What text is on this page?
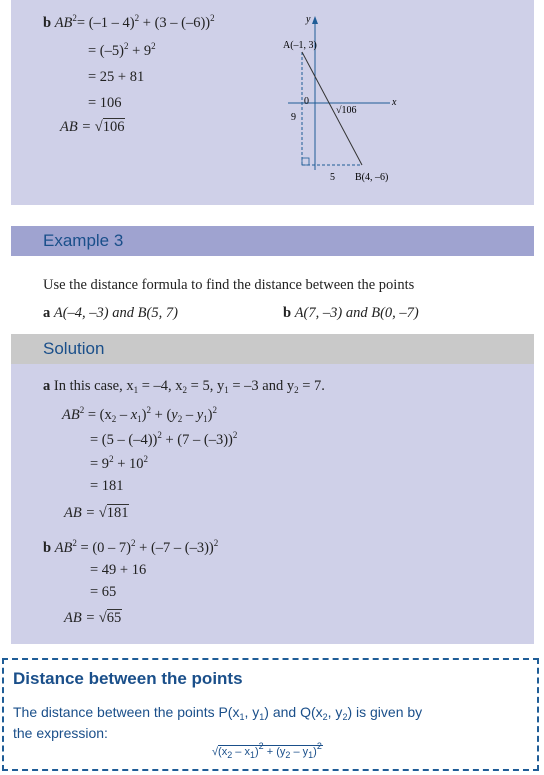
b $AB^2= (-1 - 4)^2 + (3 - (-6))^2$
= $(-5)^2 + 9^2$
= 25 + 81
= 106
AB = √106
y
x
0
A(–1, 3)
B(4, –6)
9
5
√106
Example 3
Use the distance formula to find the distance between the points
a A(–4, –3) and B(5, 7)	b A(7, –3) and B(0, –7)
Solution
a In this case, $x_1 = -4$, $x_2 = 5$, $y_1 = -3$ and $y_2 = 7$.
$AB^2 = (x_2 - x_1)^2 + (y_2 - y_1)^2$
= (5 – (–4))$^2$ + (7 – (–3))$^2$
= $9^2 + 10^2$
= 181
AB = √181
b $AB^2 = (0 - 7)^2 + (-7 - (-3))^2$
= 49 + 16
= 65
AB = √65
Distance between the points
The distance between the points $P(x_1$, $y_1$) and $Q(x_2$, $y_2$) is given by
the expression:
$√(x_2 - x_1)^2 + (y_2 - y_1)^2$
